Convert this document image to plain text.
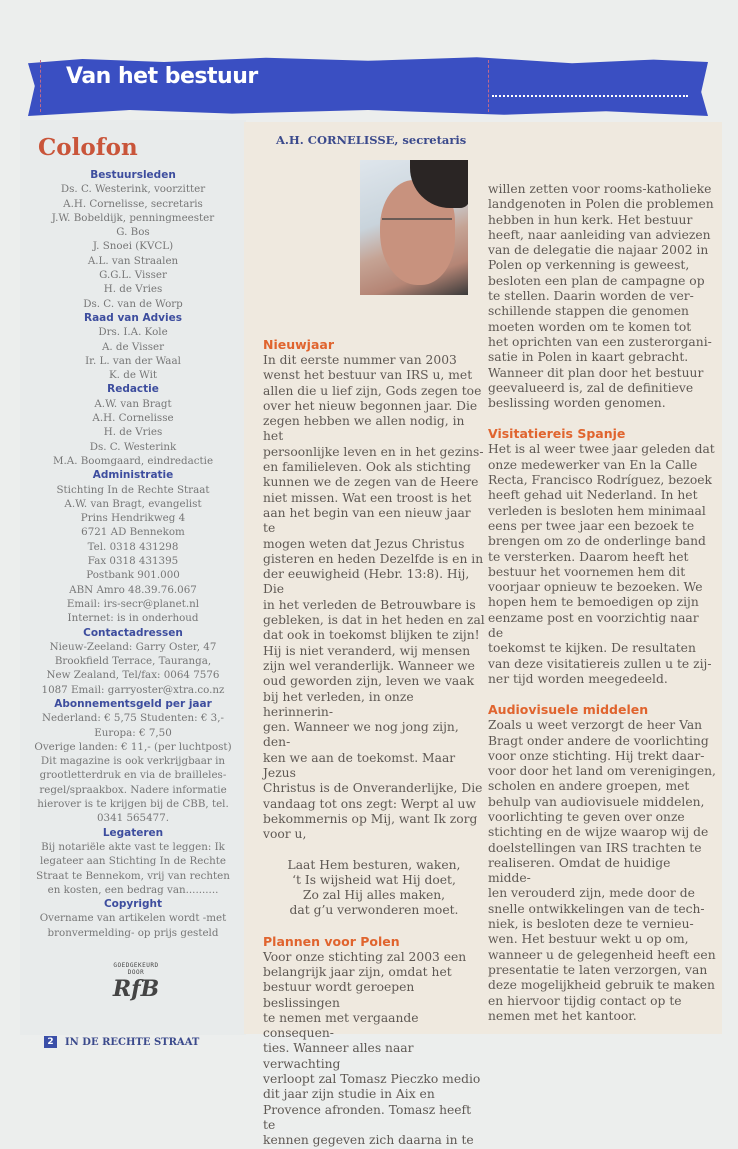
Van het bestuur
Colofon
Bestuursleden
Ds. C. Westerink, voorzitter
A.H. Cornelisse, secretaris
J.W. Bobeldijk, penningmeester
G. Bos
J. Snoei (KVCL)
A.L. van Straalen
G.G.L. Visser
H. de Vries
Ds. C. van de Worp
Raad van Advies
Drs. I.A. Kole
A. de Visser
Ir. L. van der Waal
K. de Wit
Redactie
A.W. van Bragt
A.H. Cornelisse
H. de Vries
Ds. C. Westerink
M.A. Boomgaard, eindredactie
Administratie
Stichting In de Rechte Straat
A.W. van Bragt, evangelist
Prins Hendrikweg 4
6721 AD Bennekom
Tel. 0318 431298
Fax 0318 431395
Postbank 901.000
ABN Amro 48.39.76.067
Email: irs-secr@planet.nl
Internet: is in onderhoud
Contactadressen
Nieuw-Zeeland: Garry Oster, 47
Brookfield Terrace, Tauranga,
New Zealand, Tel/fax: 0064 7576
1087 Email: garryoster@xtra.co.nz
Abonnementsgeld per jaar
Nederland: € 5,75 Studenten: € 3,-
Europa: € 7,50
Overige landen: € 11,- (per luchtpost)
Dit magazine is ook verkrijgbaar in
grootletterdruk en via de brailleles-
regel/spraakbox. Nadere informatie
hierover is te krijgen bij de CBB, tel.
0341 565477.
Legateren
Bij notariële akte vast te leggen: Ik
legateer aan Stichting In de Rechte
Straat te Bennekom, vrij van rechten
en kosten, een bedrag van..........
Copyright
Overname van artikelen wordt -met
bronvermelding- op prijs gesteld
GOEDGEKEURD DOOR
RfB
A.H. CORNELISSE, secretaris
Nieuwjaar
In dit eerste nummer van 2003
wenst het bestuur van IRS u, met
allen die u lief zijn, Gods zegen toe
over het nieuw begonnen jaar. Die
zegen hebben we allen nodig, in het
persoonlijke leven en in het gezins-
en familieleven. Ook als stichting
kunnen we de zegen van de Heere
niet missen. Wat een troost is het
aan het begin van een nieuw jaar te
mogen weten dat Jezus Christus
gisteren en heden Dezelfde is en in
der eeuwigheid (Hebr. 13:8). Hij, Die
in het verleden de Betrouwbare is
gebleken, is dat in het heden en zal
dat ook in toekomst blijken te zijn!
Hij is niet veranderd, wij mensen
zijn wel veranderlijk. Wanneer we
oud geworden zijn, leven we vaak
bij het verleden, in onze herinnerin-
gen. Wanneer we nog jong zijn, den-
ken we aan de toekomst. Maar Jezus
Christus is de Onveranderlijke, Die
vandaag tot ons zegt: Werpt al uw
bekommernis op Mij, want Ik zorg
voor u,
Laat Hem besturen, waken,
‘t Is wijsheid wat Hij doet,
Zo zal Hij alles maken,
dat g’u verwonderen moet.
Plannen voor Polen
Voor onze stichting zal 2003 een
belangrijk jaar zijn, omdat het
bestuur wordt geroepen beslissingen
te nemen met vergaande consequen-
ties. Wanneer alles naar verwachting
verloopt zal Tomasz Pieczko medio
dit jaar zijn studie in Aix en
Provence afronden. Tomasz heeft te
kennen gegeven zich daarna in te
willen zetten voor rooms-katholieke
landgenoten in Polen die problemen
hebben in hun kerk. Het bestuur
heeft, naar aanleiding van adviezen
van de delegatie die najaar 2002 in
Polen op verkenning is geweest,
besloten een plan de campagne op
te stellen. Daarin worden de ver-
schillende stappen die genomen
moeten worden om te komen tot
het oprichten van een zusterorgani-
satie in Polen in kaart gebracht.
Wanneer dit plan door het bestuur
geevalueerd is, zal de definitieve
beslissing worden genomen.
Visitatiereis Spanje
Het is al weer twee jaar geleden dat
onze medewerker van En la Calle
Recta, Francisco Rodríguez, bezoek
heeft gehad uit Nederland. In het
verleden is besloten hem minimaal
eens per twee jaar een bezoek te
brengen om zo de onderlinge band
te versterken. Daarom heeft het
bestuur het voornemen hem dit
voorjaar opnieuw te bezoeken. We
hopen hem te bemoedigen op zijn
eenzame post en voorzichtig naar de
toekomst te kijken. De resultaten
van deze visitatiereis zullen u te zij-
ner tijd worden meegedeeld.
Audiovisuele middelen
Zoals u weet verzorgt de heer Van
Bragt onder andere de voorlichting
voor onze stichting. Hij trekt daar-
voor door het land om verenigingen,
scholen en andere groepen, met
behulp van audiovisuele middelen,
voorlichting te geven over onze
stichting en de wijze waarop wij de
doelstellingen van IRS trachten te
realiseren. Omdat de huidige midde-
len verouderd zijn, mede door de
snelle ontwikkelingen van de tech-
niek, is besloten deze te vernieu-
wen. Het bestuur wekt u op om,
wanneer u de gelegenheid heeft een
presentatie te laten verzorgen, van
deze mogelijkheid gebruik te maken
en hiervoor tijdig contact op te
nemen met het kantoor.
2	IN DE RECHTE STRAAT
